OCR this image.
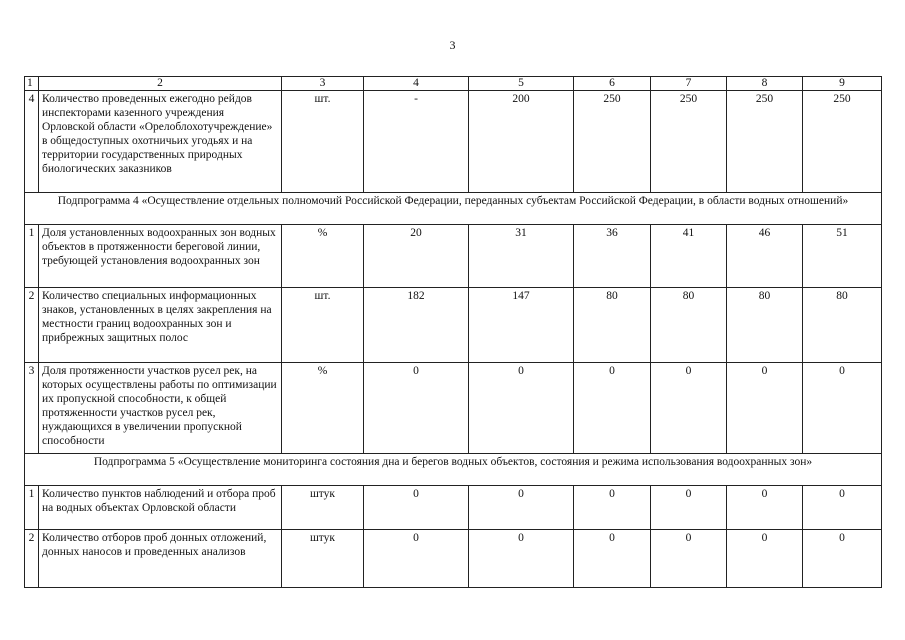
3
1	2	3	4	5	6	7	8	9
4	Количество проведенных ежегодно рейдов инспекторами казенного учреждения Орловской области «Орелоблохотучреждение» в общедоступных охотничьих угодьях и на территории государственных природных биологических заказников	шт.	-	200	250	250	250	250
Подпрограмма 4 «Осуществление отдельных полномочий Российской Федерации, переданных субъектам Российской Федерации, в области водных отношений»								
1	Доля установленных водоохранных зон водных объектов в протяженности береговой линии, требующей установления водоохранных зон	%	20	31	36	41	46	51
2	Количество специальных информационных знаков, установленных в целях закрепления на местности границ водоохранных зон и прибрежных защитных полос	шт.	182	147	80	80	80	80
3	Доля протяженности участков русел рек, на которых осуществлены работы по оптимизации их пропускной способности, к общей протяженности участков русел рек, нуждающихся в увеличении пропускной способности	%	0	0	0	0	0	0
Подпрограмма 5 «Осуществление мониторинга состояния дна и берегов водных объектов, состояния и режима использования водоохранных зон»								
1	Количество пунктов наблюдений и отбора проб на водных объектах Орловской области	штук	0	0	0	0	0	0
2	Количество отборов проб донных отложений, донных наносов и проведенных анализов	штук	0	0	0	0	0	0
